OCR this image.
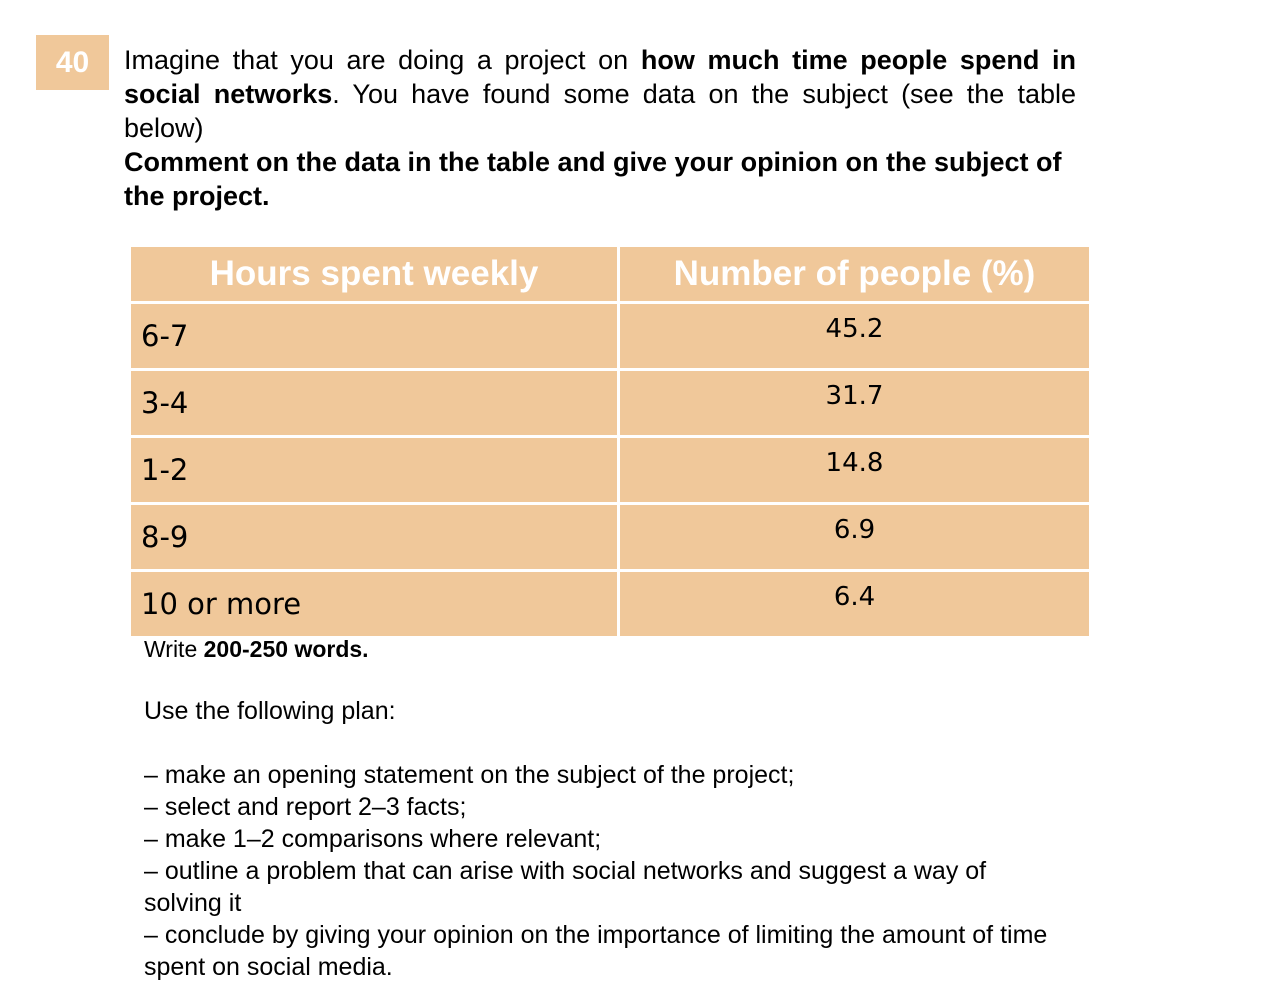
40	Imagine that you are doing a project on how much time people spend in social networks. You have found some data on the subject (see the table below)
Comment on the data in the table and give your opinion on the subject of the project.
Hours spent weekly	Number of people (%)
6-7	45.2
3-4	31.7
1-2	14.8
8-9	6.9
10 or more	6.4
Write 200-250 words.
Use the following plan:
– make an opening statement on the subject of the project;
– select and report 2–3 facts;
– make 1–2 comparisons where relevant;
– outline a problem that can arise with social networks and suggest a way of solving it
– conclude by giving your opinion on the importance of limiting the amount of time spent on social media.
